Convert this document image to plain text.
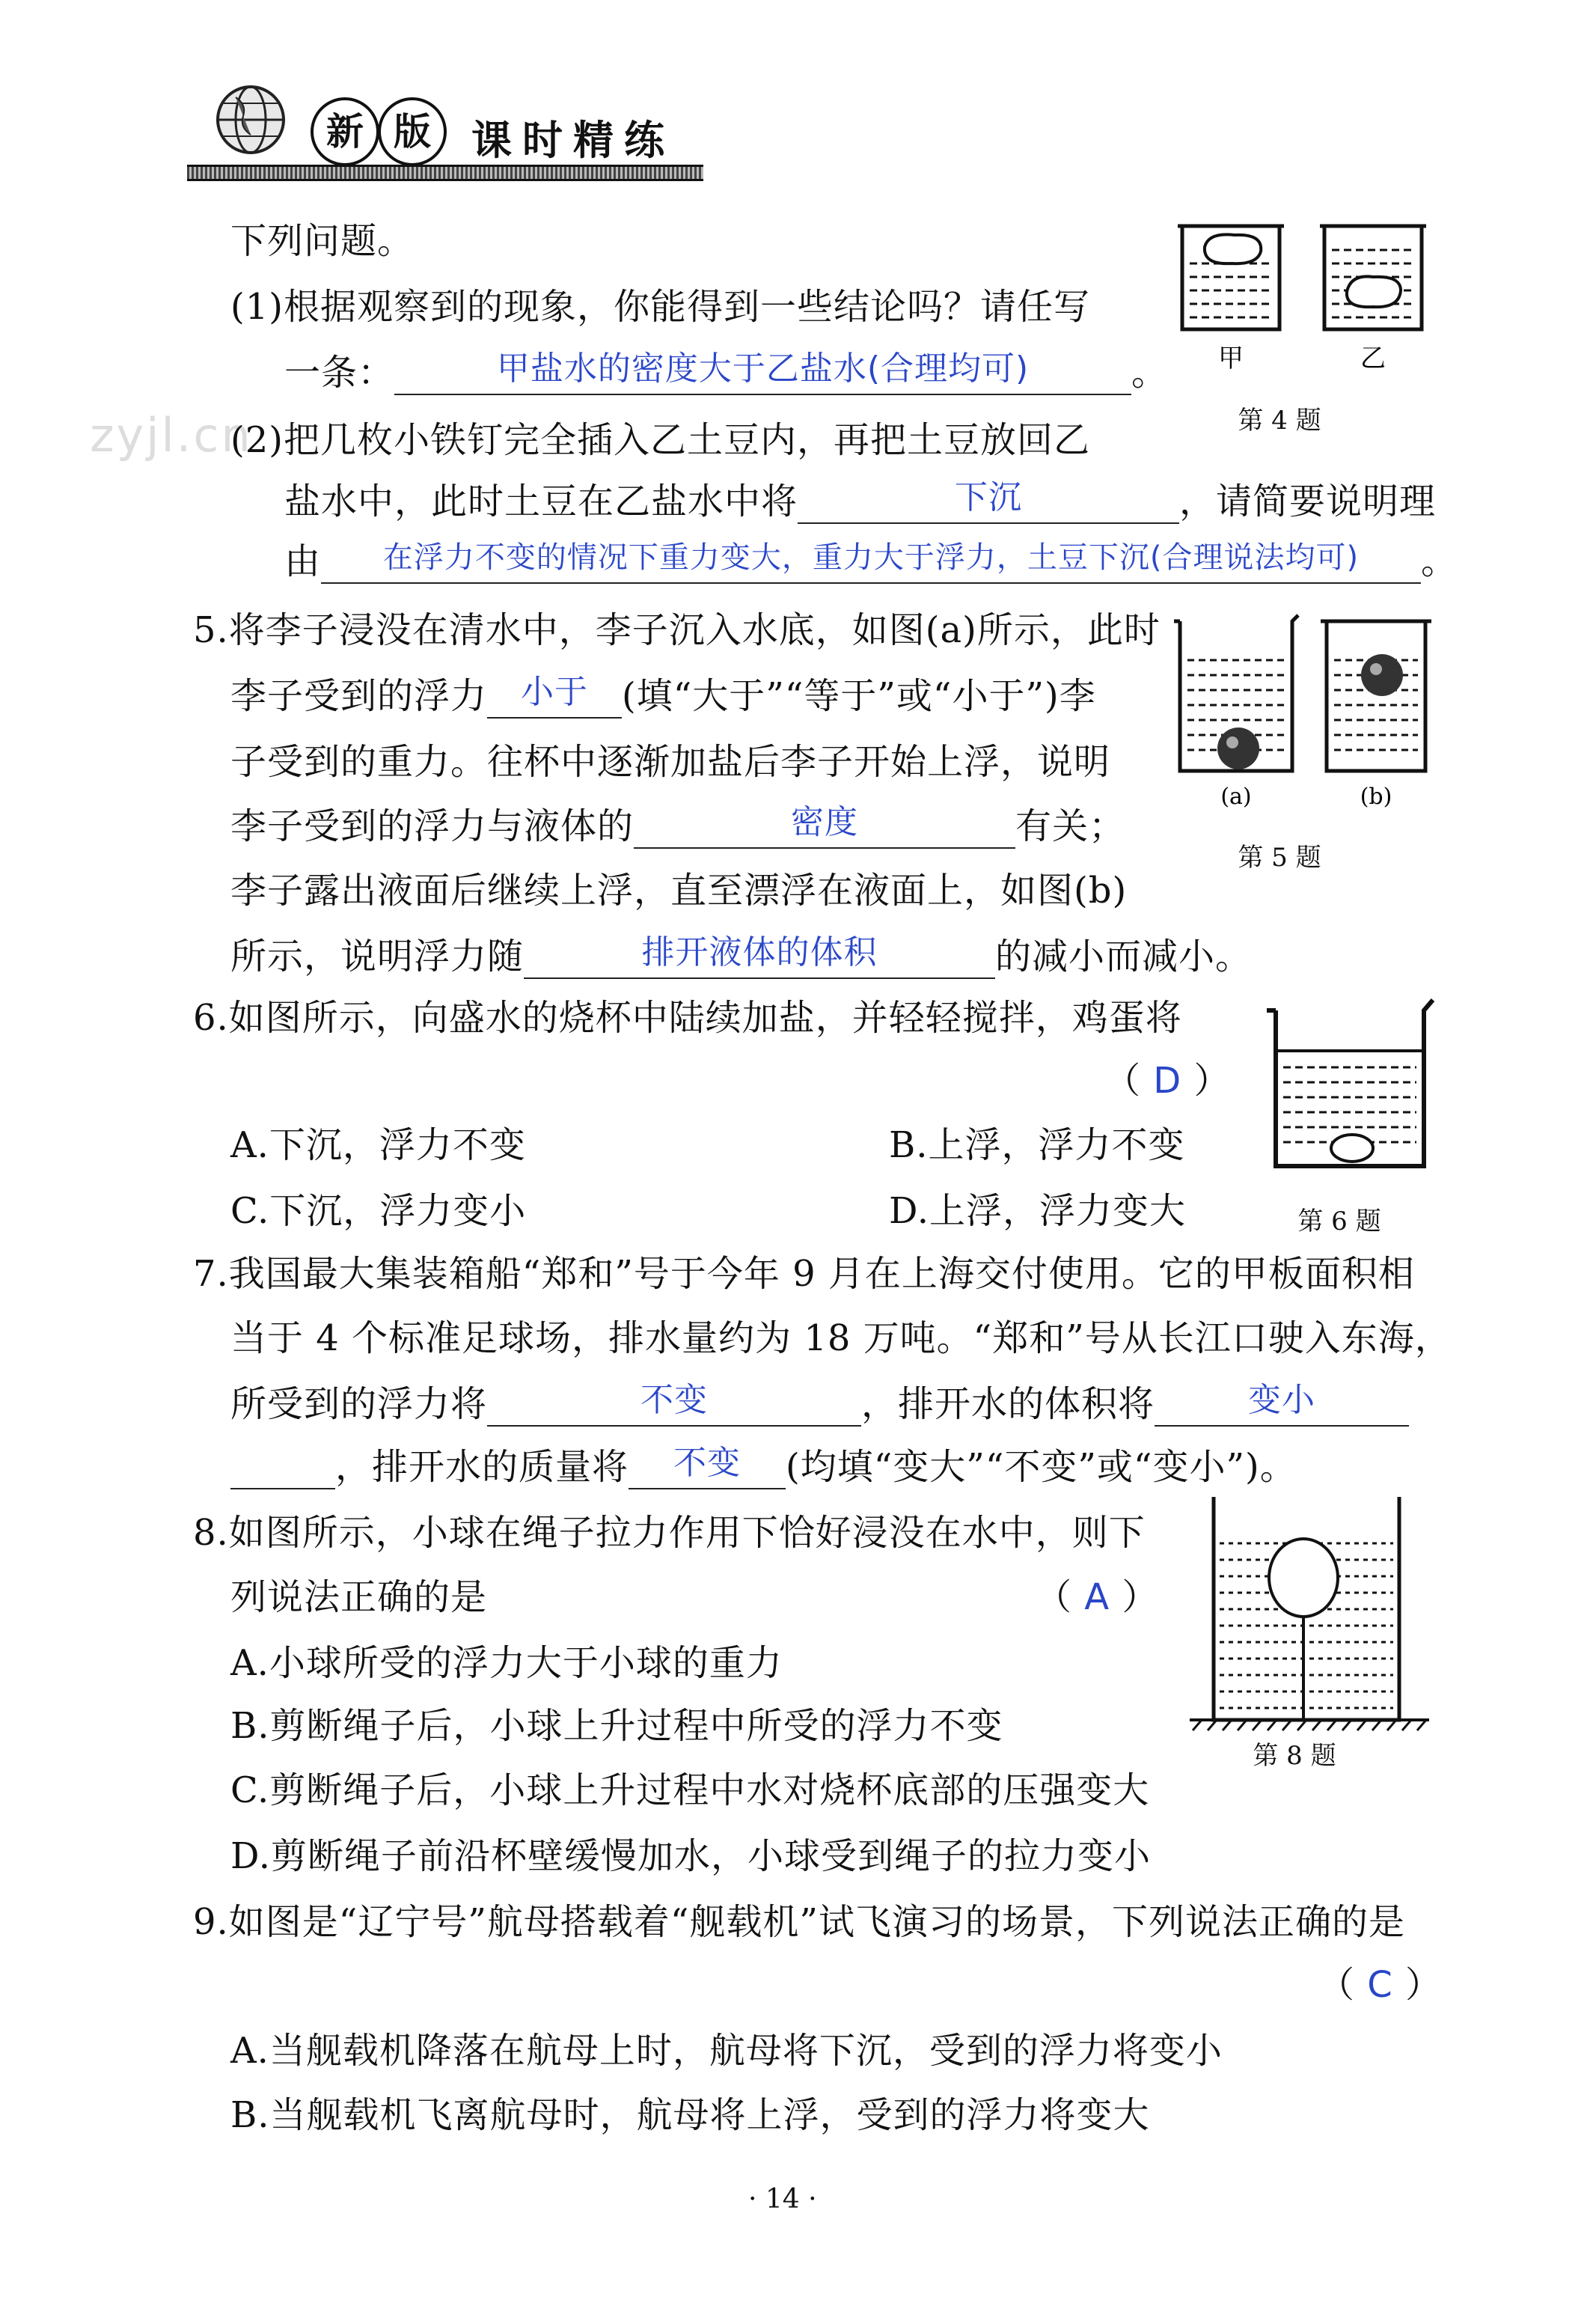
新 版	课时精练
zyjl.cn
下列问题。
(1)根据观察到的现象，你能得到一些结论吗？请任写
一条：	甲盐水的密度大于乙盐水(合理均可)	。
(2)把几枚小铁钉完全插入乙土豆内，再把土豆放回乙
盐水中，此时土豆在乙盐水中将	下沉	，请简要说明理
由	在浮力不变的情况下重力变大，重力大于浮力，土豆下沉(合理说法均可)	。
甲	乙
第 4 题
5.将李子浸没在清水中，李子沉入水底，如图(a)所示，此时
李子受到的浮力	小于 (填“大于”“等于”或“小于”)李
子受到的重力。往杯中逐渐加盐后李子开始上浮，说明
李子受到的浮力与液体的	密度	有关；
李子露出液面后继续上浮，直至漂浮在液面上，如图(b)
所示，说明浮力随	排开液体的体积	的减小而减小。
(a)	(b)
第 5 题
6.如图所示，向盛水的烧杯中陆续加盐，并轻轻搅拌，鸡蛋将
（ D ）
A.下沉，浮力不变	B.上浮，浮力不变
C.下沉，浮力变小	D.上浮，浮力变大	第 6 题
7.我国最大集装箱船“郑和”号于今年 9 月在上海交付使用。它的甲板面积相
当于 4 个标准足球场，排水量约为 18 万吨。“郑和”号从长江口驶入东海，
所受到的浮力将	不变	，排开水的体积将	变小
，排开水的质量将	不变	(均填“变大”“不变”或“变小”)。
8.如图所示，小球在绳子拉力作用下恰好浸没在水中，则下
列说法正确的是	（ A ）
A.小球所受的浮力大于小球的重力
B.剪断绳子后，小球上升过程中所受的浮力不变
C.剪断绳子后，小球上升过程中水对烧杯底部的压强变大
D.剪断绳子前沿杯壁缓慢加水，小球受到绳子的拉力变小
第 8 题
9.如图是“辽宁号”航母搭载着“舰载机”试飞演习的场景，下列说法正确的是
（ C ）
A.当舰载机降落在航母上时，航母将下沉，受到的浮力将变小
B.当舰载机飞离航母时，航母将上浮，受到的浮力将变大
· 14 ·
